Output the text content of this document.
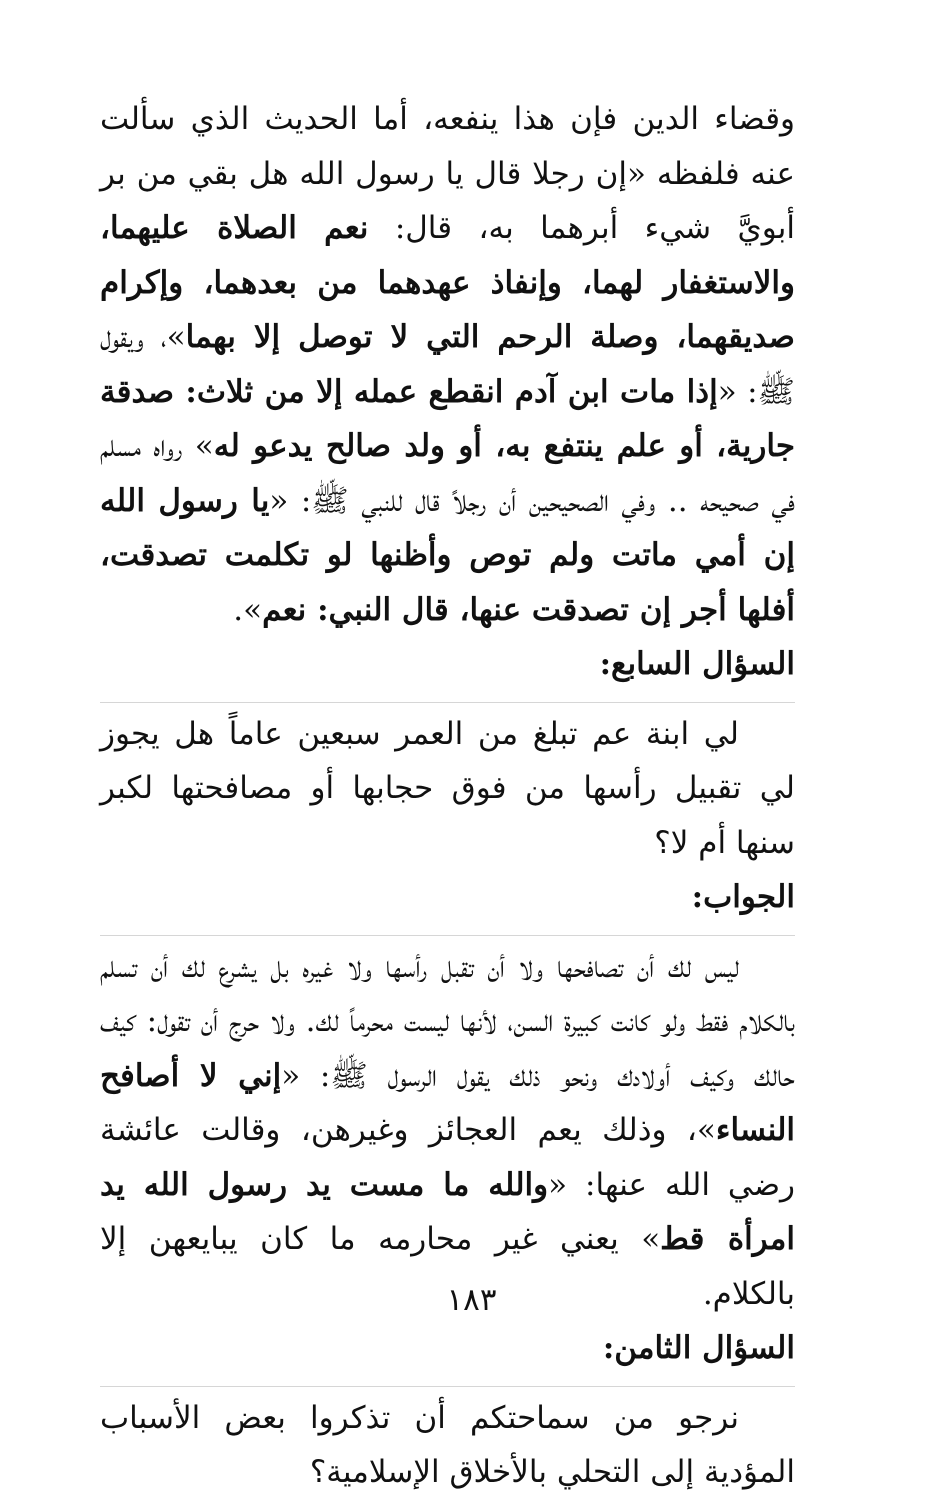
وقضاء الدين فإن هذا ينفعه، أما الحديث الذي سألت عنه فلفظه «إن رجلا قال يا رسول الله هل بقي من بر أبويَّ شيء أبرهما به، قال: نعم الصلاة عليهما، والاستغفار لهما، وإنفاذ عهدهما من بعدهما، وإكرام صديقهما، وصلة الرحم التي لا توصل إلا بهما»، ويقول ﷺ: «إذا مات ابن آدم انقطع عمله إلا من ثلاث: صدقة جارية، أو علم ينتفع به، أو ولد صالح يدعو له» رواه مسلم في صحيحه .. وفي الصحيحين أن رجلاً قال للنبي ﷺ: «يا رسول الله إن أمي ماتت ولم توص وأظنها لو تكلمت تصدقت، أفلها أجر إن تصدقت عنها، قال النبي: نعم».

السؤال السابع:

لي ابنة عم تبلغ من العمر سبعين عاماً هل يجوز لي تقبيل رأسها من فوق حجابها أو مصافحتها لكبر سنها أم لا؟

الجواب:

ليس لك أن تصافحها ولا أن تقبل رأسها ولا غيره بل يشرع لك أن تسلم بالكلام فقط ولو كانت كبيرة السن، لأنها ليست محرماً لك. ولا حرج أن تقول: كيف حالك وكيف أولادك ونحو ذلك يقول الرسول ﷺ: «إني لا أصافح النساء»، وذلك يعم العجائز وغيرهن، وقالت عائشة رضي الله عنها: «والله ما مست يد رسول الله يد امرأة قط» يعني غير محارمه ما كان يبايعهن إلا بالكلام.

السؤال الثامن:

نرجو من سماحتكم أن تذكروا بعض الأسباب المؤدية إلى التحلي بالأخلاق الإسلامية؟

١٨٣
